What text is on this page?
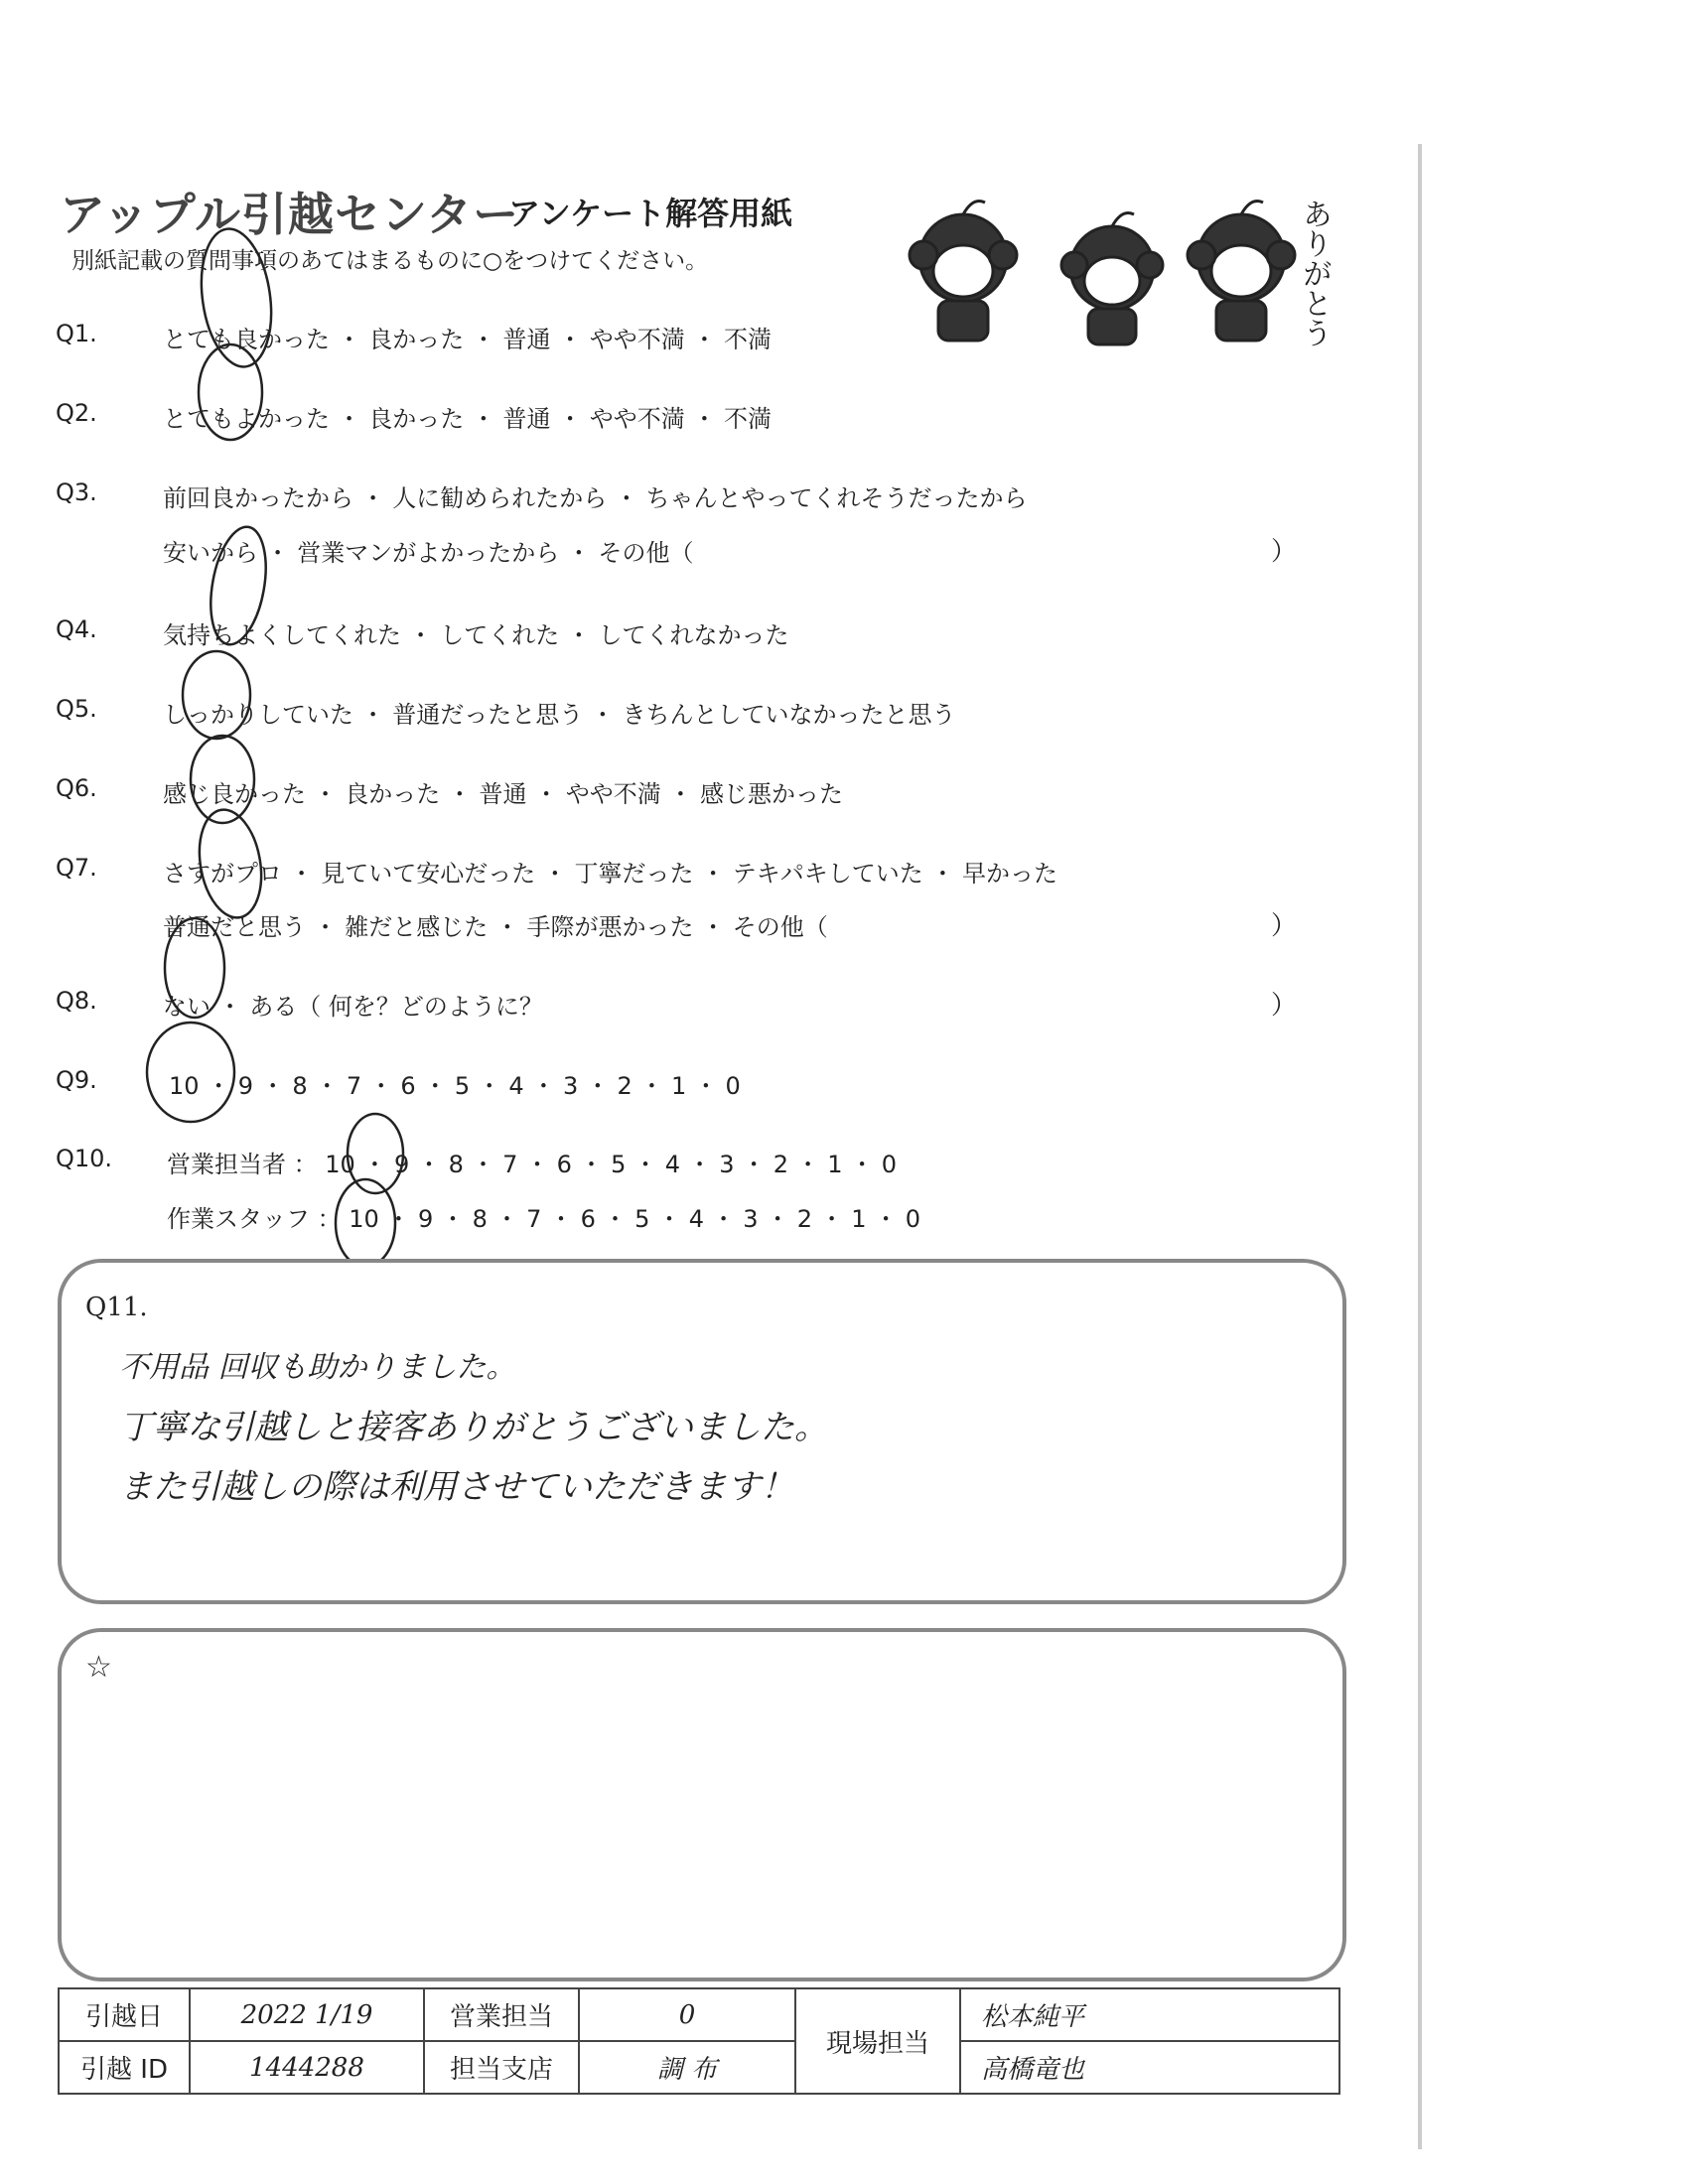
アップル引越センター
アンケート解答用紙
別紙記載の質問事項のあてはまるものに○をつけてください。	ありがとう
Q1.	とても良かった ・ 良かった ・ 普通 ・ やや不満 ・ 不満
Q2.	とてもよかった ・ 良かった ・ 普通 ・ やや不満 ・ 不満
Q3.	前回良かったから ・ 人に勧められたから ・ ちゃんとやってくれそうだったから
安いから ・ 営業マンがよかったから ・ その他（	）
Q4.	気持ちよくしてくれた ・ してくれた ・ してくれなかった
Q5.	しっかりしていた ・ 普通だったと思う ・ きちんとしていなかったと思う
Q6.	感じ良かった ・ 良かった ・ 普通 ・ やや不満 ・ 感じ悪かった
Q7.	さすがプロ ・ 見ていて安心だった ・ 丁寧だった ・ テキパキしていた ・ 早かった
普通だと思う ・ 雑だと感じた ・ 手際が悪かった ・ その他（	）
Q8.	ない ・ ある（ 何を？どのように？	）
Q9.	10 ・ 9 ・ 8 ・ 7 ・ 6 ・ 5 ・ 4 ・ 3 ・ 2 ・ 1 ・ 0
Q10. 営業担当者 ： 10 ・ 9 ・ 8 ・ 7 ・ 6 ・ 5 ・ 4 ・ 3 ・ 2 ・ 1 ・ 0
作業スタッフ ： 10 ・ 9 ・ 8 ・ 7 ・ 6 ・ 5 ・ 4 ・ 3 ・ 2 ・ 1 ・ 0
Q11.
不用品 回収も助かりました。
丁寧な引越しと接客ありがとうございました。
また引越しの際は利用させていただきます！
☆
引越日	2022 1/19	営業担当	0	現場担当	松本純平
引越 ID	1444288	担当支店	調 布		高橋竜也
